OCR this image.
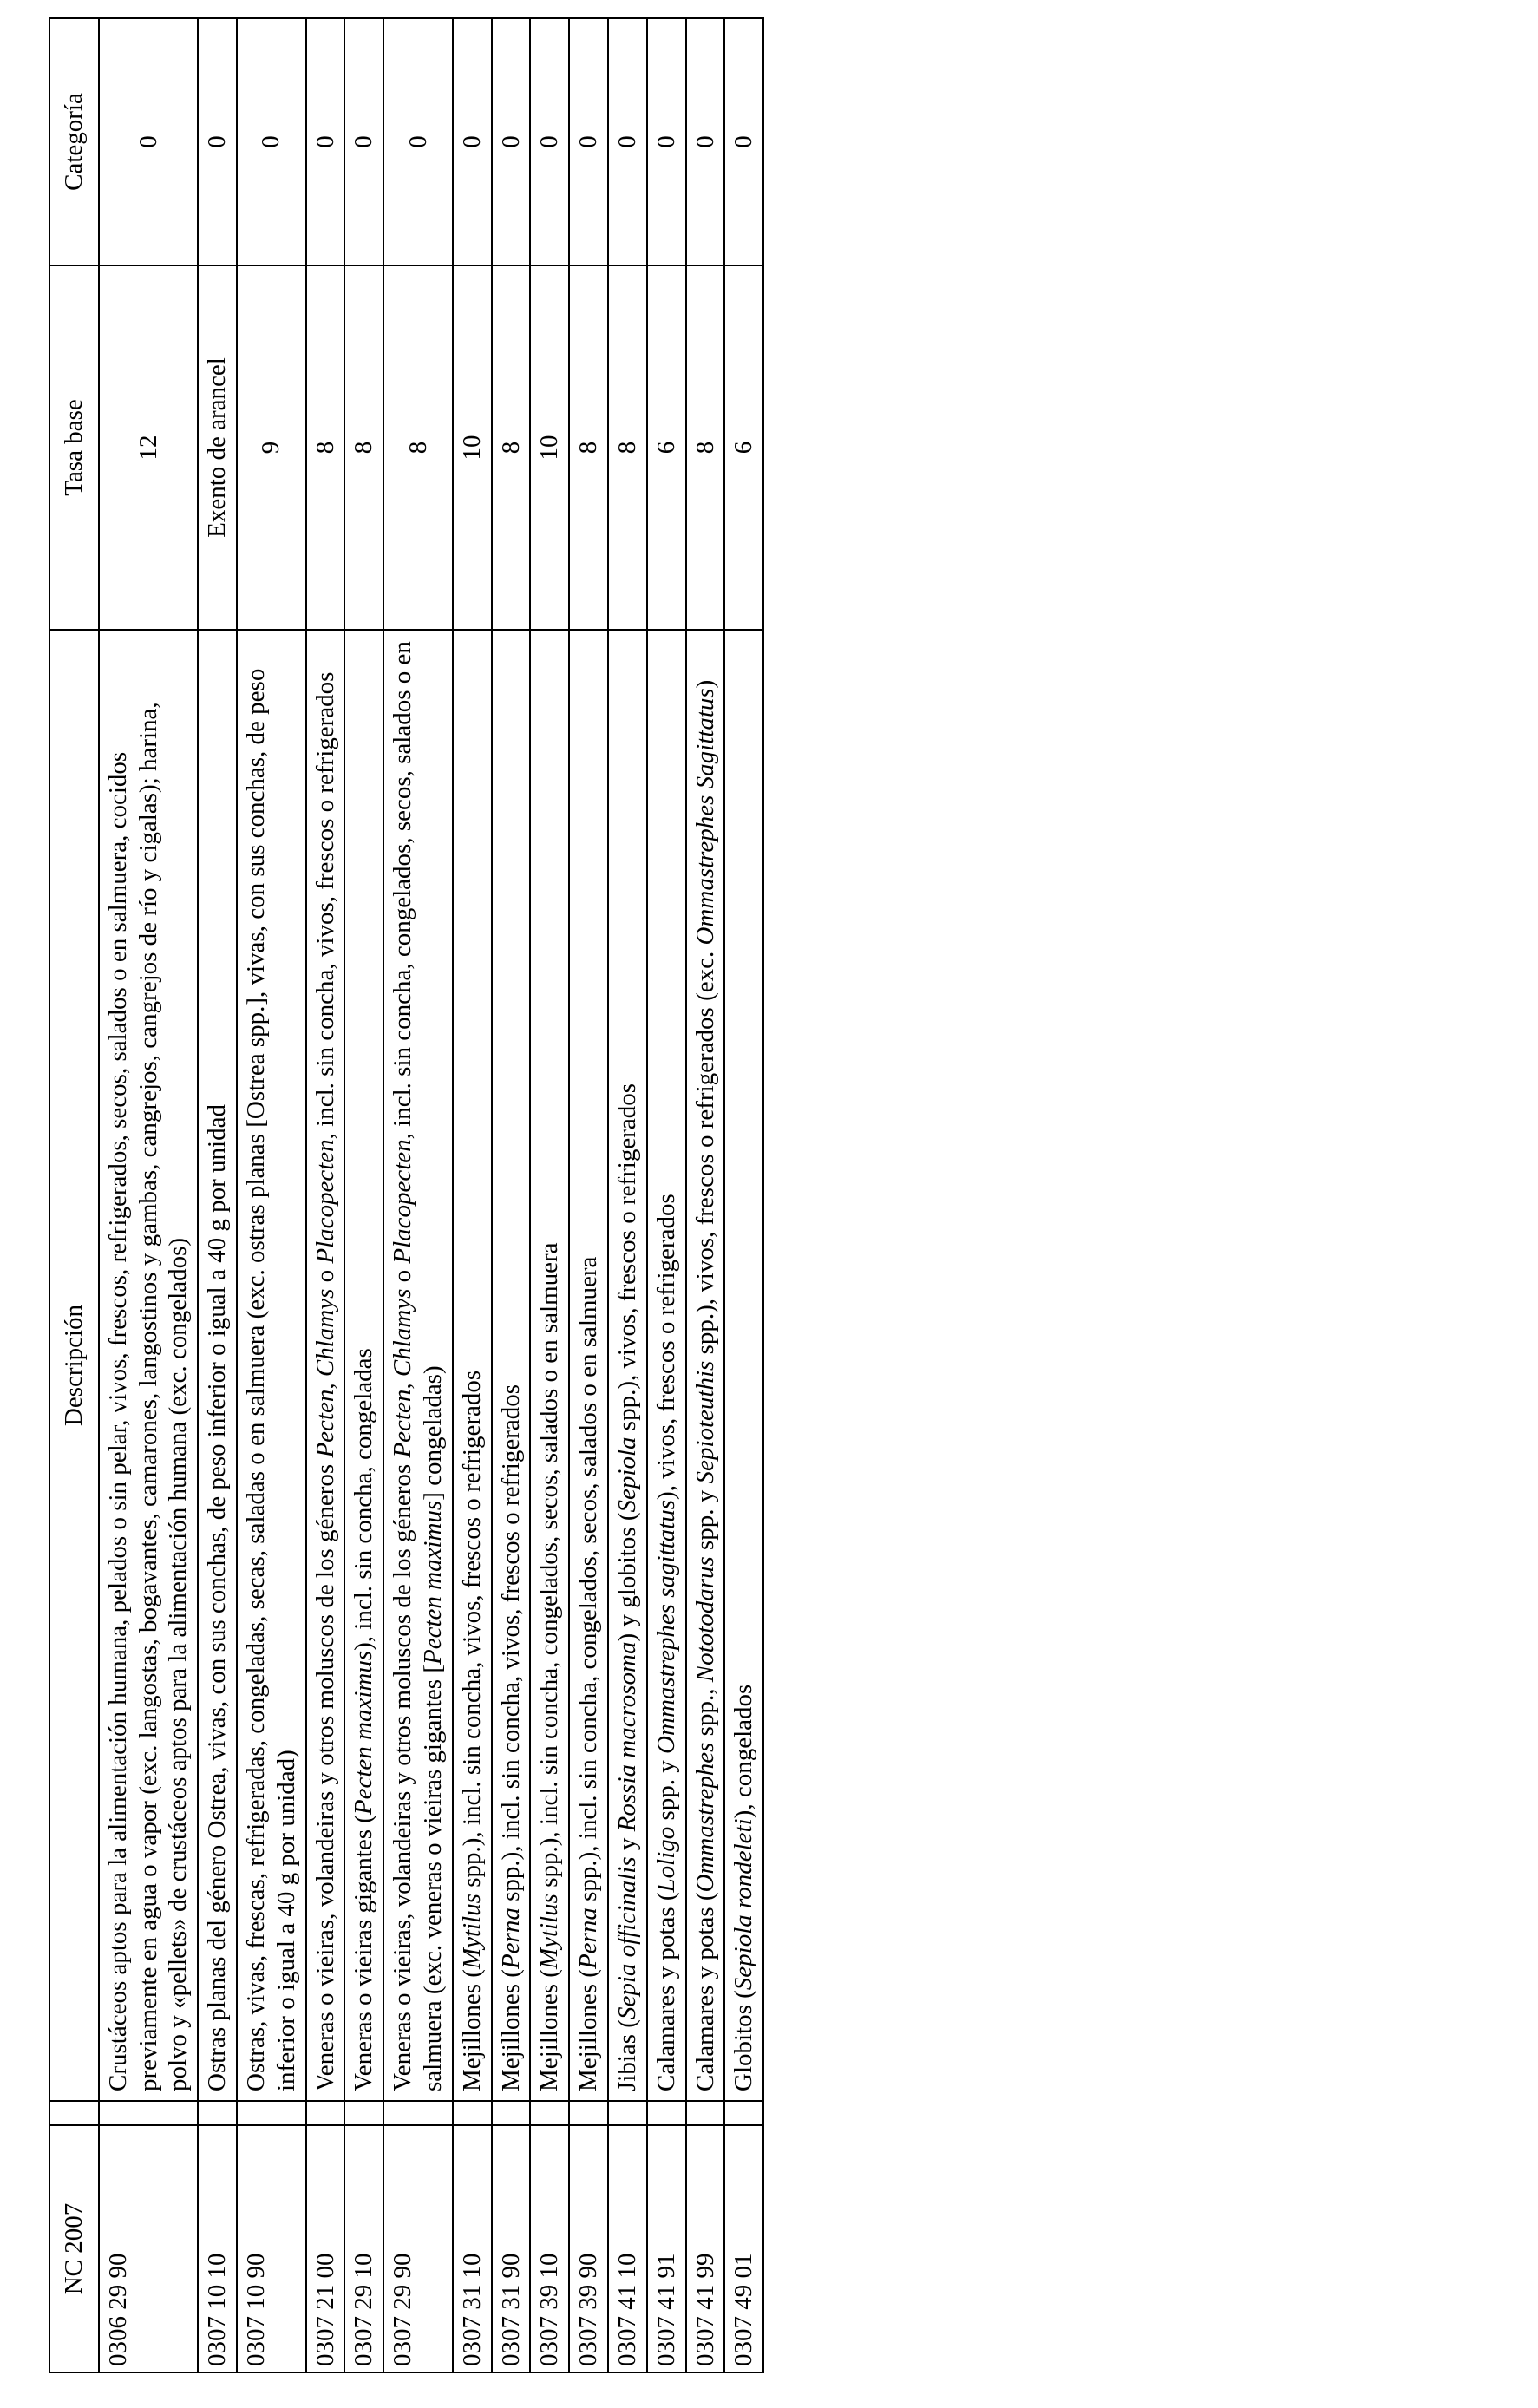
NC 2007		Descripción	Tasa base	Categoría
0306 29 90		Crustáceos aptos para la alimentación humana, pelados o sin pelar, vivos, frescos, refrigerados, secos, salados o en salmuera, cocidos previamente en agua o vapor (exc. langostas, bogavantes, camarones, langostinos y gambas, cangrejos, cangrejos de río y cigalas); harina, polvo y «pellets» de crustáceos aptos para la alimentación humana (exc. congelados)	12	0
0307 10 10		Ostras planas del género Ostrea, vivas, con sus conchas, de peso inferior o igual a 40 g por unidad	Exento de arancel	0
0307 10 90		Ostras, vivas, frescas, refrigeradas, congeladas, secas, saladas o en salmuera (exc. ostras planas [Ostrea spp.], vivas, con sus conchas, de peso inferior o igual a 40 g por unidad)	9	0
0307 21 00		Veneras o vieiras, volandeiras y otros moluscos de los géneros Pecten, Chlamys o Placopecten, incl. sin concha, vivos, frescos o refrigerados	8	0
0307 29 10		Veneras o vieiras gigantes (Pecten maximus), incl. sin concha, congeladas	8	0
0307 29 90		Veneras o vieiras, volandeiras y otros moluscos de los géneros Pecten, Chlamys o Placopecten, incl. sin concha, congelados, secos, salados o en salmuera (exc. veneras o vieiras gigantes [Pecten maximus] congeladas)	8	0
0307 31 10		Mejillones (Mytilus spp.), incl. sin concha, vivos, frescos o refrigerados	10	0
0307 31 90		Mejillones (Perna spp.), incl. sin concha, vivos, frescos o refrigerados	8	0
0307 39 10		Mejillones (Mytilus spp.), incl. sin concha, congelados, secos, salados o en salmuera	10	0
0307 39 90		Mejillones (Perna spp.), incl. sin concha, congelados, secos, salados o en salmuera	8	0
0307 41 10		Jibias (Sepia officinalis y Rossia macrosoma) y globitos (Sepiola spp.), vivos, frescos o refrigerados	8	0
0307 41 91		Calamares y potas (Loligo spp. y Ommastrephes sagittatus), vivos, frescos o refrigerados	6	0
0307 41 99		Calamares y potas (Ommastrephes spp., Nototodarus spp. y Sepioteuthis spp.), vivos, frescos o refrigerados (exc. Ommastrephes Sagittatus)	8	0
0307 49 01		Globitos (Sepiola rondeleti), congelados	6	0
